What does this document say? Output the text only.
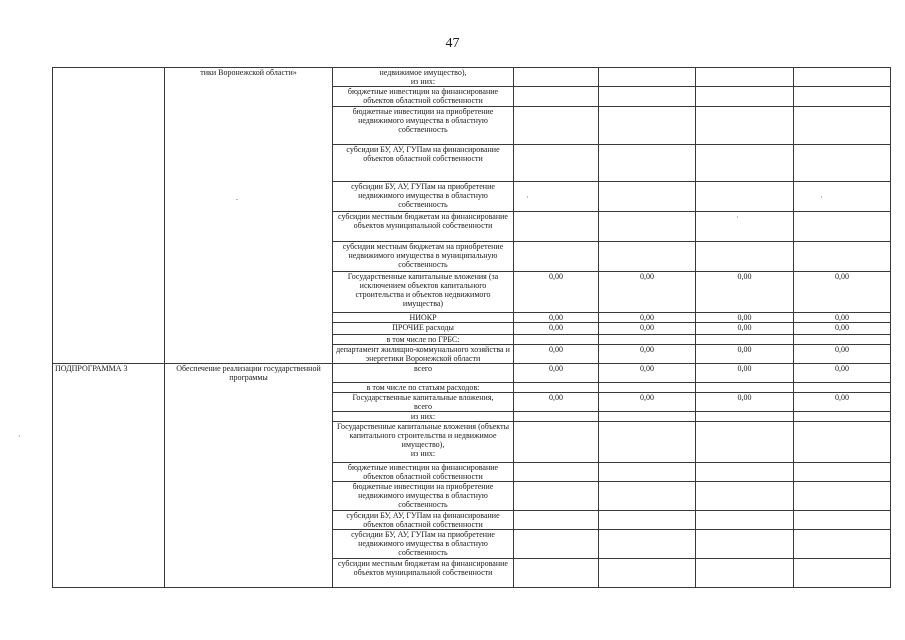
47
	тики Воронежской области»	недвижимое имущество),
из них:				
		бюджетные инвестиции на финансирование объектов областной собственности				
		бюджетные инвестиции на приобретение недвижимого имущества в областную собственность				
		субсидии БУ, АУ, ГУПам на финансирование объектов областной собственности				
		субсидии БУ, АУ, ГУПам на приобретение недвижимого имущества в областную собственность				
		субсидии местным бюджетам на финансирование объектов муниципальной собственности				
		субсидии местным бюджетам на приобретение недвижимого имущества в муниципальную собственность				
		Государственные капитальные вложения (за исключением объектов капитального строительства и объектов недвижимого имущества)	0,00	0,00	0,00	0,00
		НИОКР	0,00	0,00	0,00	0,00
		ПРОЧИЕ расходы	0,00	0,00	0,00	0,00
		в том числе по ГРБС:				
		департамент жилищно-коммунального хозяйства и энергетики Воронежской области	0,00	0,00	0,00	0,00
ПОДПРОГРАММА 3	Обеспечение реализации государственной программы	всего	0,00	0,00	0,00	0,00
		в том числе по статьям расходов:				
		Государственные капитальные вложения,
всего	0,00	0,00	0,00	0,00
		из них:				
		Государственные капитальные вложения (объекты капитального строительства и недвижимое имущество),
из них:				
		бюджетные инвестиции на финансирование объектов областной собственности				
		бюджетные инвестиции на приобретение недвижимого имущества в областную собственность				
		субсидии БУ, АУ, ГУПам на финансирование объектов областной собственности				
		субсидии БУ, АУ, ГУПам на приобретение недвижимого имущества в областную собственность				
		субсидии местным бюджетам на финансирование объектов муниципальной собственности				
.	·	·
·
·
